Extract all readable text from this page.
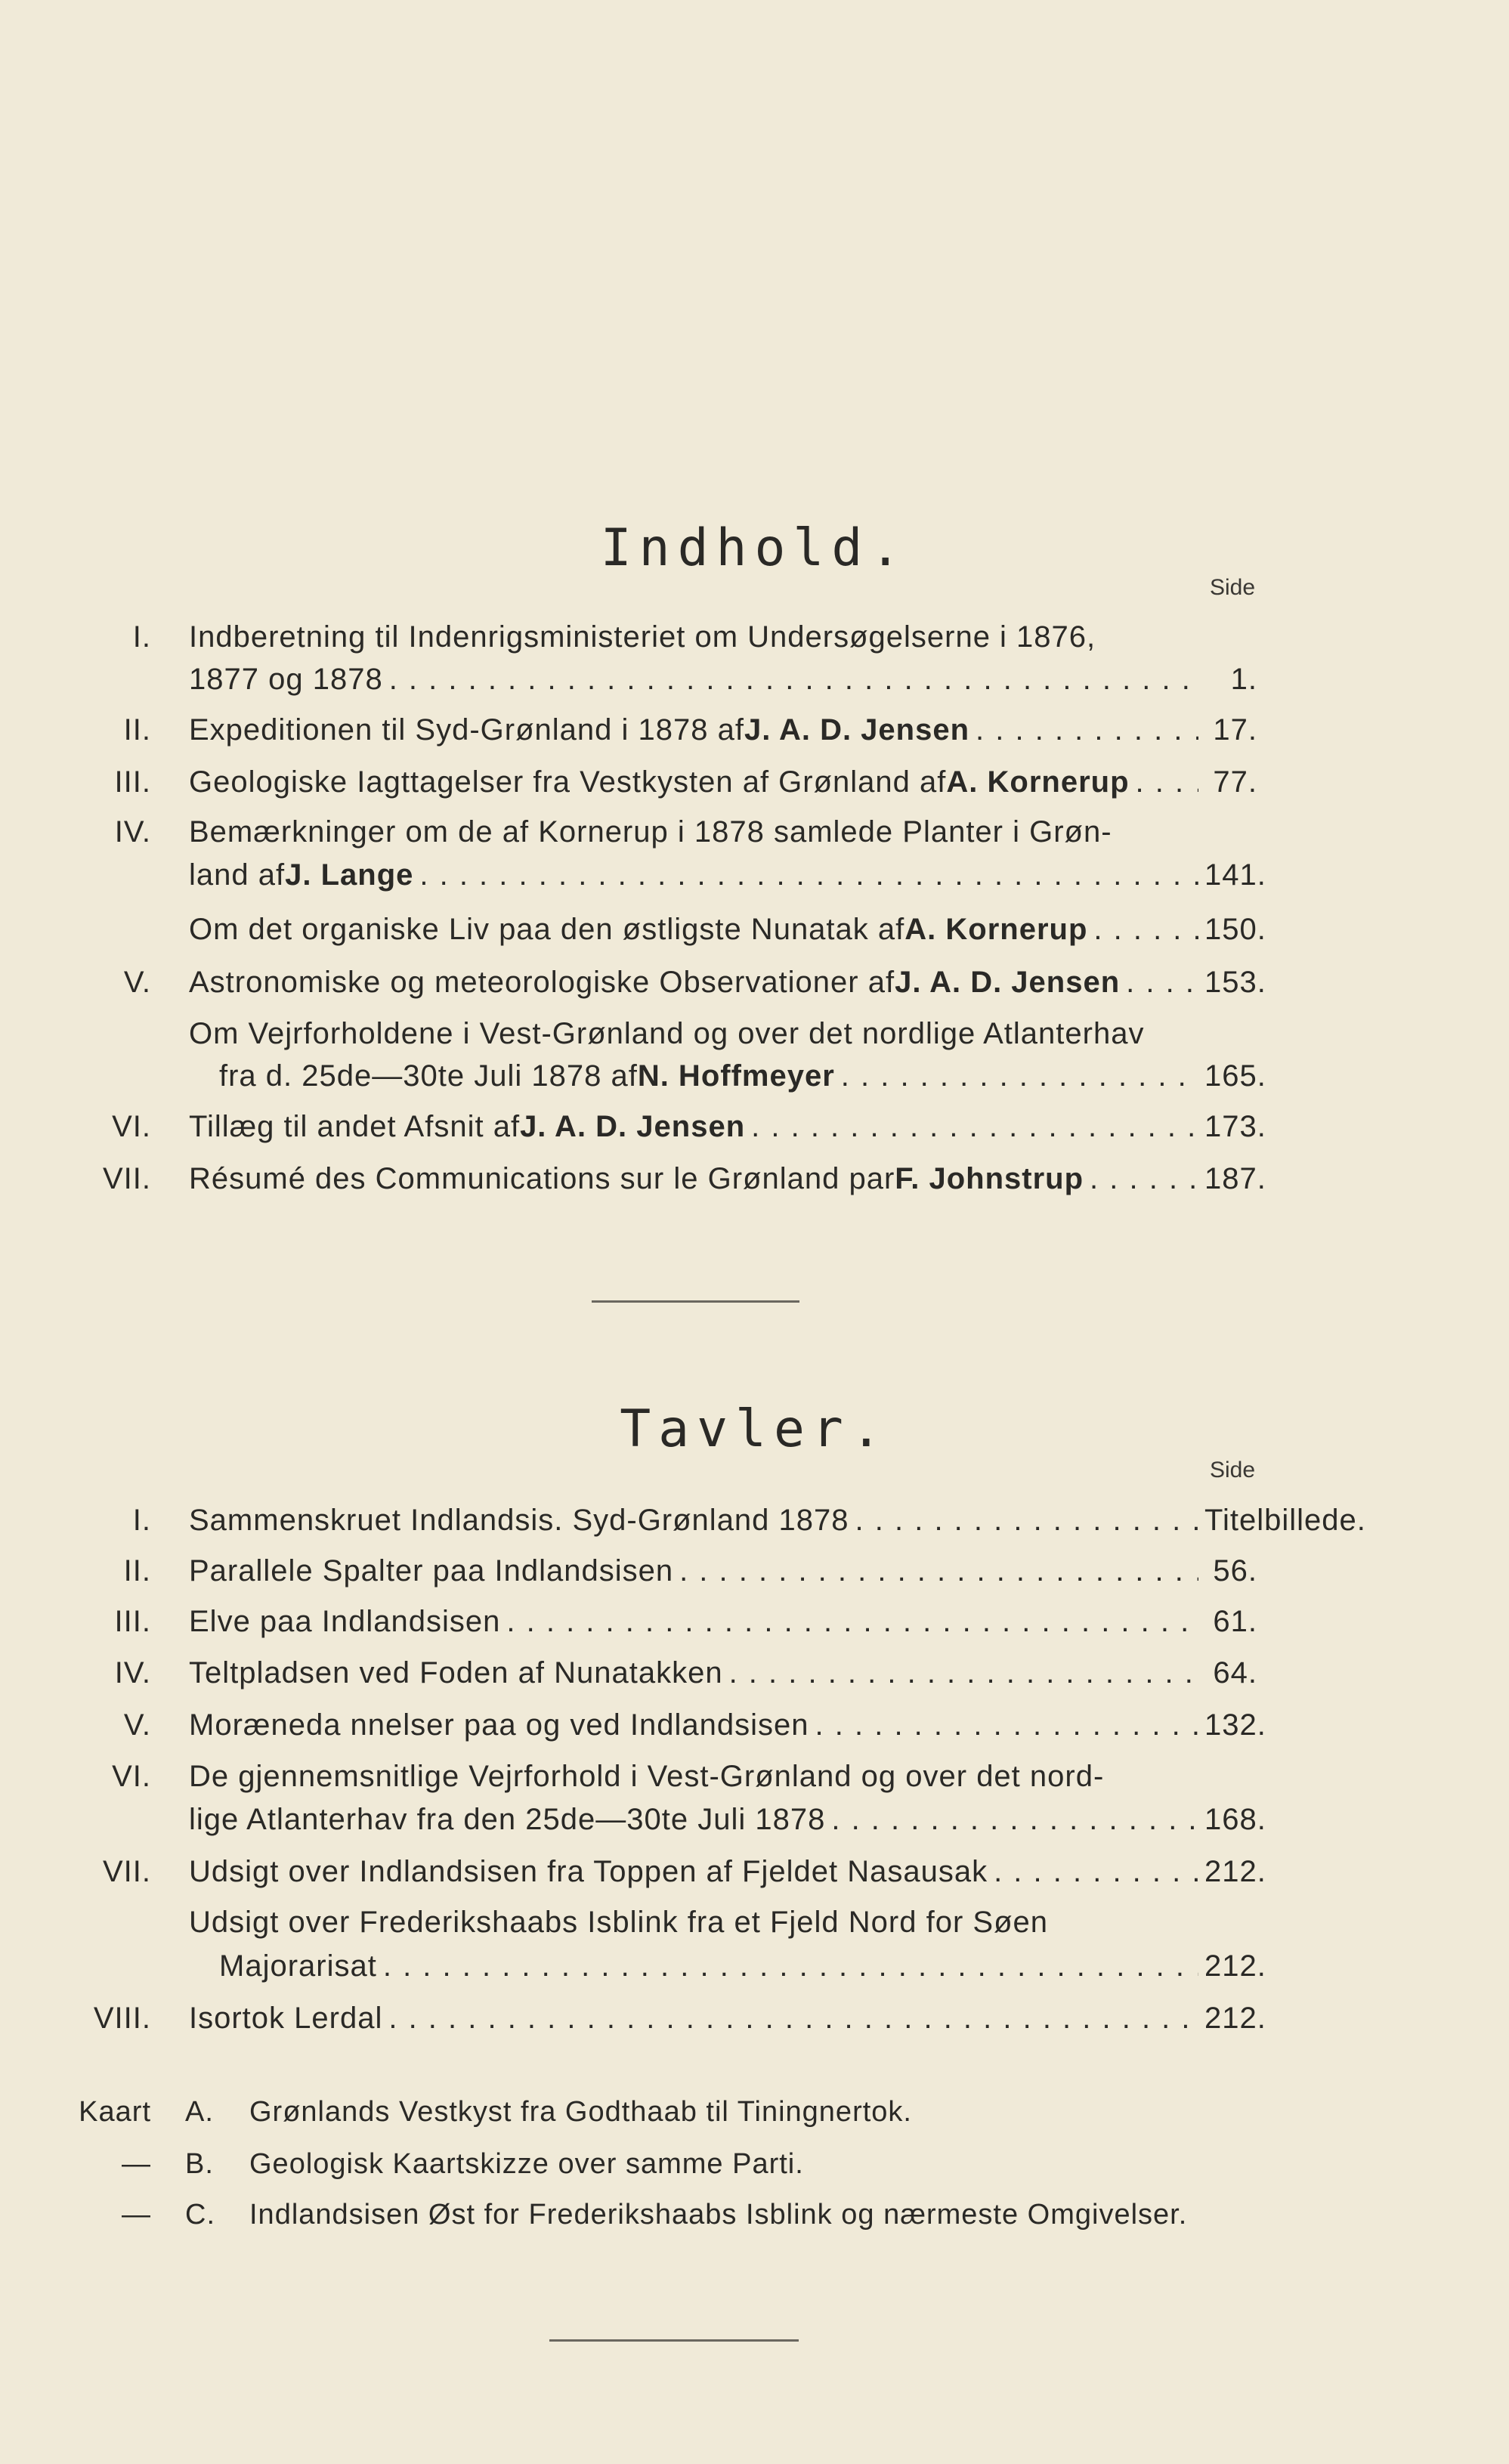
Indhold.
Side
I. Indberetning til Indenrigsministeriet om Undersøgelserne i 1876,
1877 og 1878 . . .	1.
II. Expeditionen til Syd-Grønland i 1878 af J. A. D. Jensen . . .	17.
III. Geologiske Iagttagelser fra Vestkysten af Grønland af A. Kornerup . . .	77.
IV. Bemærkninger om de af Kornerup i 1878 samlede Planter i Grøn-
land af J. Lange . . .	141.
Om det organiske Liv paa den østligste Nunatak af A. Kornerup . . .	150.
V. Astronomiske og meteorologiske Observationer af J. A. D. Jensen . . .	153.
Om Vejrforholdene i Vest-Grønland og over det nordlige Atlanterhav
fra d. 25de—30te Juli 1878 af N. Hoffmeyer . . .	165.
VI. Tillæg til andet Afsnit af J. A. D. Jensen . . .	173.
VII. Résumé des Communications sur le Grønland par F. Johnstrup . . .	187.
Tavler.
Side
I. Sammenskruet Indlandsis. Syd-Grønland 1878 . . .	Titelbillede.
II. Parallele Spalter paa Indlandsisen . . .	56.
III. Elve paa Indlandsisen . . .	61.
IV. Teltpladsen ved Foden af Nunatakken . . .	64.
V. Moræneda nnelser paa og ved Indlandsisen . . .	132.
VI. De gjennemsnitlige Vejrforhold i Vest-Grønland og over det nord-
lige Atlanterhav fra den 25de—30te Juli 1878 . . .	168.
VII. Udsigt over Indlandsisen fra Toppen af Fjeldet Nasausak . . .	212.
Udsigt over Frederikshaabs Isblink fra et Fjeld Nord for Søen
Majorarisat . . .	212.
VIII. Isortok Lerdal . . .	212.
Kaart A. Grønlands Vestkyst fra Godthaab til Tiningnertok.
— B. Geologisk Kaartskizze over samme Parti.
— C. Indlandsisen Øst for Frederikshaabs Isblink og nærmeste Omgivelser.
